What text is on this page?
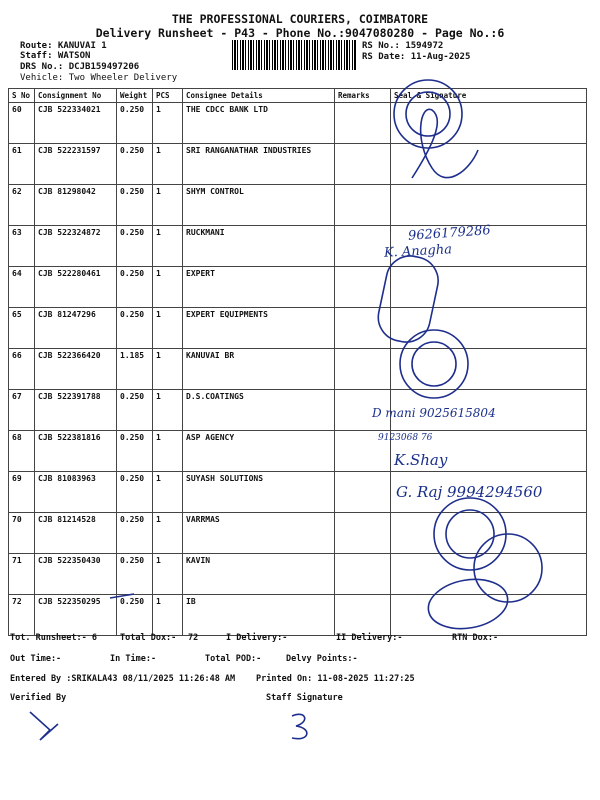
THE PROFESSIONAL COURIERS, COIMBATORE
Delivery Runsheet - P43 - Phone No.:9047080280 - Page No.:6
Route: KANUVAI 1
Staff: WATSON
DRS No.: DCJB159497206
Vehicle: Two Wheeler Delivery
RS No.: 1594972
RS Date: 11-Aug-2025
S No	Consignment No	Weight	PCS	Consignee Details	Remarks	Seal & Signature
60	CJB 522334021	0.250	1	THE CDCC BANK LTD		
61	CJB 522231597	0.250	1	SRI RANGANATHAR INDUSTRIES		
62	CJB 81298042	0.250	1	SHYM CONTROL		
63	CJB 522324872	0.250	1	RUCKMANI		
64	CJB 522280461	0.250	1	EXPERT		
65	CJB 81247296	0.250	1	EXPERT EQUIPMENTS		
66	CJB 522366420	1.185	1	KANUVAI BR		
67	CJB 522391788	0.250	1	D.S.COATINGS		
68	CJB 522381816	0.250	1	ASP AGENCY		
69	CJB 81083963	0.250	1	SUYASH SOLUTIONS		
70	CJB 81214528	0.250	1	VARRMAS		
71	CJB 522350430	0.250	1	KAVIN		
72	CJB 522350295	0.250	1	IB		
Tot. Runsheet:- 6	Total Dox:- 72	I Delivery:-	II Delivery:-	RTN Dox:-
Out Time:-	In Time:-	Total POD:-	Delvy Points:-
Entered By :SRIKALA43 08/11/2025 11:26:48 AM Printed On: 11-08-2025 11:27:25
Verified By	Staff Signature
9626179286
K. Anagha
D mani 9025615804
9123068 76
K.Shay
G. Raj 9994294560
